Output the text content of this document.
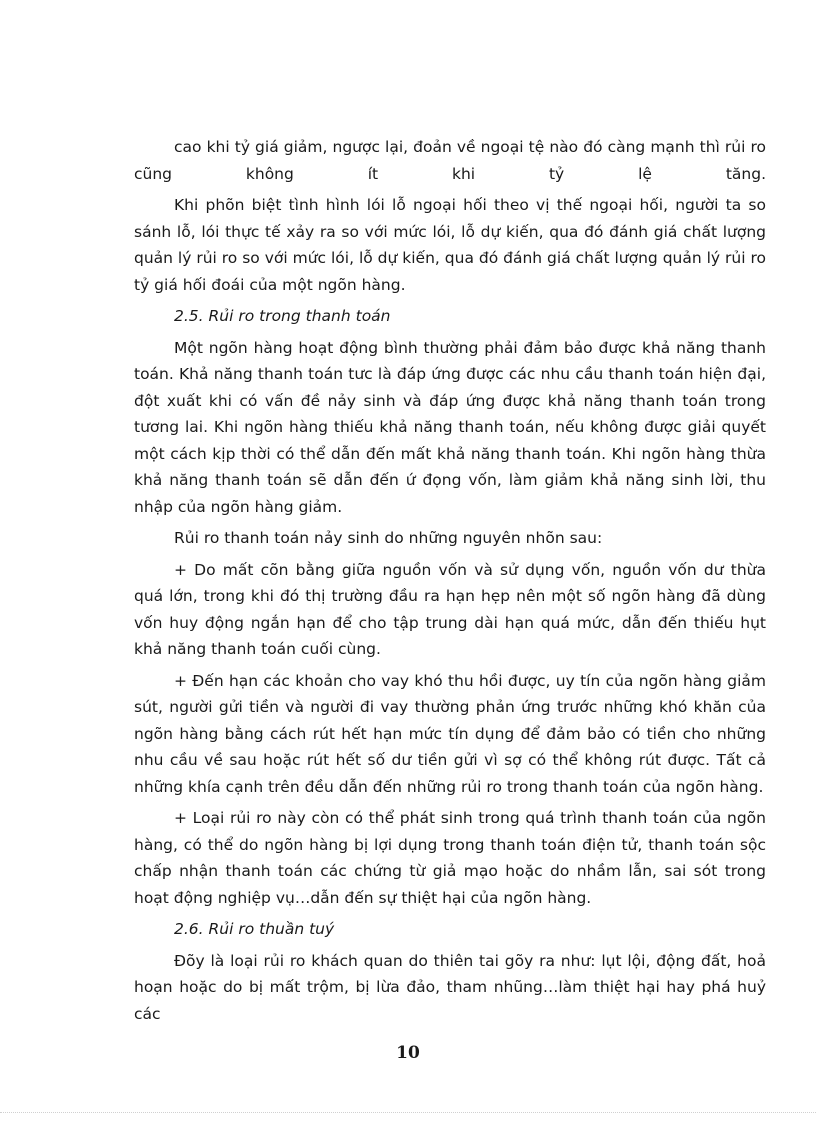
cao khi tỷ giá giảm, ngược lại, đoản về ngoại tệ nào đó càng mạnh thì rủi ro cũng không ít khi tỷ lệ tăng.

Khi phõn biệt tình hình lói lỗ ngoại hối theo vị thế ngoại hối, người ta so sánh lỗ, lói thực tế xảy ra so với mức lói, lỗ dự kiến, qua đó đánh giá chất lượng quản lý rủi ro so với mức lói, lỗ dự kiến, qua đó đánh giá chất lượng quản lý rủi ro tỷ giá hối đoái của một ngõn hàng.

2.5. Rủi ro trong thanh toán

Một ngõn hàng hoạt động bình thường phải đảm bảo được khả năng thanh toán. Khả năng thanh toán tưc là đáp ứng được các nhu cầu thanh toán hiện đại, đột xuất khi có vấn đề nảy sinh và đáp ứng được khả năng thanh toán trong tương lai. Khi ngõn hàng thiếu khả năng thanh toán, nếu không được giải quyết một cách kịp thời có thể dẫn đến mất khả năng thanh toán. Khi ngõn hàng thừa khả năng thanh toán sẽ dẫn đến ứ đọng vốn, làm giảm khả năng sinh lời, thu nhập của ngõn hàng giảm.

Rủi ro thanh toán nảy sinh do những nguyên nhõn sau:

+ Do mất cõn bằng giữa nguồn vốn và sử dụng vốn, nguồn vốn dư thừa quá lớn, trong khi đó thị trường đầu ra hạn hẹp nên một số ngõn hàng đã dùng vốn huy động ngắn hạn để cho tập trung dài hạn quá mức, dẫn đến thiếu hụt khả năng thanh toán cuối cùng.

+ Đến hạn các khoản cho vay khó thu hồi được, uy tín của ngõn hàng giảm sút, người gửi tiền và người đi vay thường phản ứng trước những khó khăn của ngõn hàng bằng cách rút hết hạn mức tín dụng để đảm bảo có tiền cho những nhu cầu về sau hoặc rút hết số dư tiền gửi vì sợ có thể không rút được. Tất cả những khía cạnh trên đều dẫn đến những rủi ro trong thanh toán của ngõn hàng.

+ Loại rủi ro này còn có thể phát sinh trong quá trình thanh toán của ngõn hàng, có thể do ngõn hàng bị lợi dụng trong thanh toán điện tử, thanh toán sộc chấp nhận thanh toán các chứng từ giả mạo hoặc do nhầm lẫn, sai sót trong hoạt động nghiệp vụ…dẫn đến sự thiệt hại của ngõn hàng.

2.6. Rủi ro thuần tuý

Đõy là loại rủi ro khách quan do thiên tai gõy ra như: lụt lội, động đất, hoả hoạn hoặc do bị mất trộm, bị lừa đảo, tham nhũng…làm thiệt hại hay phá huỷ các

10
